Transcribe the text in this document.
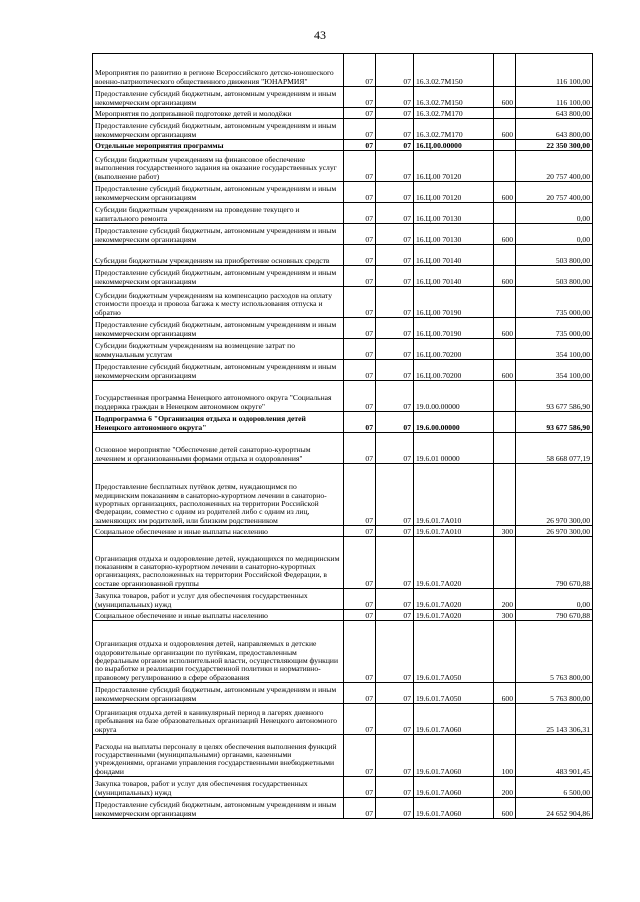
43
Мероприятия по развитию в регионе Всероссийского детско-юношеского военно-патриотического общественного движения "ЮНАРМИЯ"	07	07	16.3.02.7М150		116 100,00
Предоставление субсидий бюджетным, автономным учреждениям и иным некоммерческим организациям	07	07	16.3.02.7М150	600	116 100,00
Мероприятия по допризывной подготовке детей и молодёжи	07	07	16.3.02.7М170		643 800,00
Предоставление субсидий бюджетным, автономным учреждениям и иным некоммерческим организациям	07	07	16.3.02.7М170	600	643 800,00
Отдельные мероприятия программы	07	07	16.Ц.00.00000		22 350 300,00
Субсидии бюджетным учреждениям на финансовое обеспечение выполнения государственного задания на оказание государственных услуг (выполнение работ)	07	07	16.Ц.00 70120		20 757 400,00
Предоставление субсидий бюджетным, автономным учреждениям и иным некоммерческим организациям	07	07	16.Ц.00 70120	600	20 757 400,00
Субсидии бюджетным учреждениям на проведение текущего и капитального ремонта	07	07	16.Ц.00 70130		0,00
Предоставление субсидий бюджетным, автономным учреждениям и иным некоммерческим организациям	07	07	16.Ц.00 70130	600	0,00
Субсидии бюджетным учреждениям на приобретение основных средств	07	07	16.Ц.00 70140		503 800,00
Предоставление субсидий бюджетным, автономным учреждениям и иным некоммерческим организациям	07	07	16.Ц.00 70140	600	503 800,00
Субсидии бюджетным учреждениям на компенсацию расходов на оплату стоимости проезда и провоза багажа к месту использования отпуска и обратно	07	07	16.Ц.00 70190		735 000,00
Предоставление субсидий бюджетным, автономным учреждениям и иным некоммерческим организациям	07	07	16.Ц.00.70190	600	735 000,00
Субсидии бюджетным учреждениям на возмещение затрат по коммунальным услугам	07	07	16.Ц.00.70200		354 100,00
Предоставление субсидий бюджетным, автономным учреждениям и иным некоммерческим организациям	07	07	16.Ц.00.70200	600	354 100,00
Государственная программа Ненецкого автономного округа "Социальная поддержка граждан в Ненецком автономном округе"	07	07	19.0.00.00000		93 677 586,90
Подпрограмма 6 "Организация отдыха и оздоровления детей Ненецкого автономного округа"	07	07	19.6.00.00000		93 677 586,90
Основное мероприятие "Обеспечение детей санаторно-курортным лечением и организованными формами отдыха и оздоровления"	07	07	19.6.01 00000		58 668 077,19
Предоставление бесплатных путёвок детям, нуждающимся по медицинским показаниям в санаторно-курортном лечении в санаторно-курортных организациях, расположенных на территории Российской Федерации, совместно с одним из родителей либо с одним из лиц, заменяющих им родителей, или близким родственником	07	07	19.6.01.7А010		26 970 300,00
Социальное обеспечение и иные выплаты населению	07	07	19.6.01.7А010	300	26 970 300,00
Организация отдыха и оздоровление детей, нуждающихся по медицинским показаниям в санаторно-курортном лечении в санаторно-курортных организациях, расположенных на территории Российской Федерации, в составе организованной группы	07	07	19.6.01.7А020		790 670,88
Закупка товаров, работ и услуг для обеспечения государственных (муниципальных) нужд	07	07	19.6.01.7А020	200	0,00
Социальное обеспечение и иные выплаты населению	07	07	19.6.01.7А020	300	790 670,88
Организация отдыха и оздоровления детей, направляемых в детские оздоровительные организации по путёвкам, предоставленным федеральным органом исполнительной власти, осуществляющим функции по выработке и реализации государственной политики и нормативно-правовому регулированию в сфере образования	07	07	19.6.01.7А050		5 763 800,00
Предоставление субсидий бюджетным, автономным учреждениям и иным некоммерческим организациям	07	07	19.6.01.7А050	600	5 763 800,00
Организация отдыха детей в каникулярный период в лагерях дневного пребывания на базе образовательных организаций Ненецкого автономного округа	07	07	19.6.01.7А060		25 143 306,31
Расходы на выплаты персоналу в целях обеспечения выполнения функций государственными (муниципальными) органами, казенными учреждениями, органами управления государственными внебюджетными фондами	07	07	19.6.01.7А060	100	483 901,45
Закупка товаров, работ и услуг для обеспечения государственных (муниципальных) нужд	07	07	19.6.01.7А060	200	6 500,00
Предоставление субсидий бюджетным, автономным учреждениям и иным некоммерческим организациям	07	07	19.6.01.7А060	600	24 652 904,86
